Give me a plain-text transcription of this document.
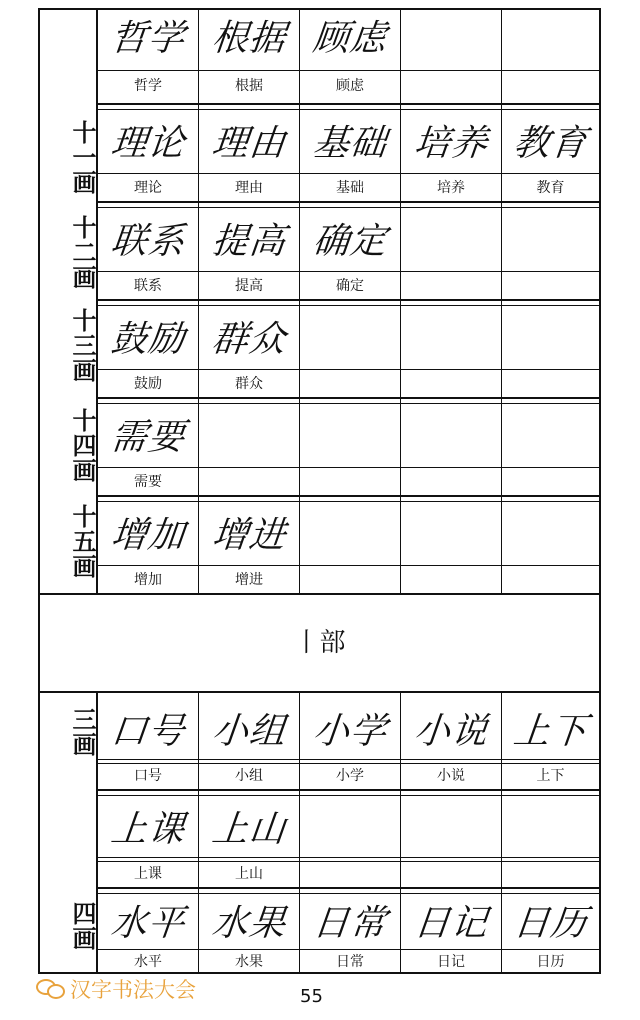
十一画
十二画
十三画
十四画
十五画
哲学
哲学
根据
根据
顾虑
顾虑
理论
理论
理由
理由
基础
基础
培养
培养
教育
教育
联系
联系
提高
提高
确定
确定
鼓励
鼓励
群众
群众
需要
需要
增加
增加
增进
增进
丨部
三画
四画
口号
口号
小组
小组
小学
小学
小说
小说
上下
上下
上课
上课
上山
上山
水平
水平
水果
水果
日常
日常
日记
日记
日历
日历
汉字书法大会	55
